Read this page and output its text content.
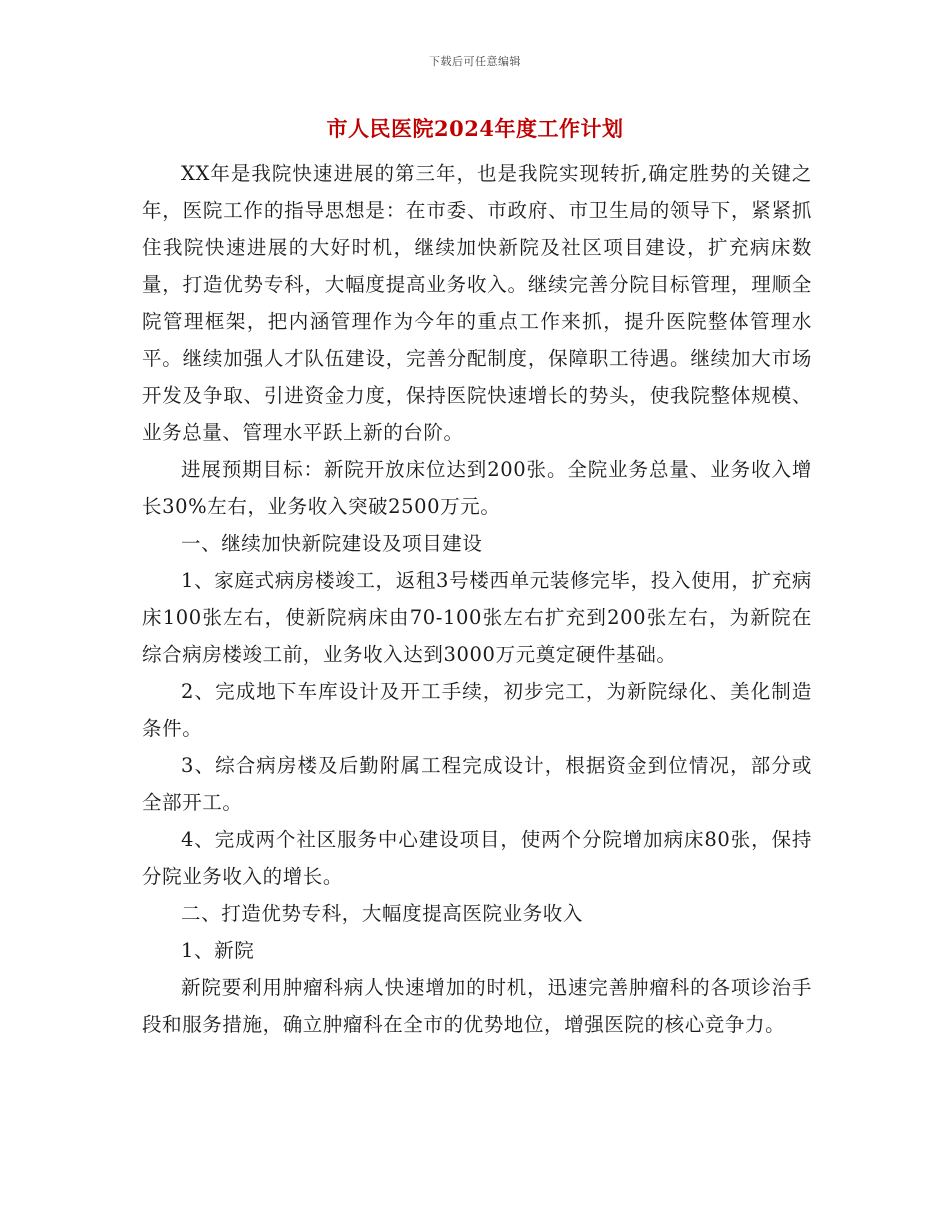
下载后可任意编辑
市人民医院2024年度工作计划

XX年是我院快速进展的第三年，也是我院实现转折,确定胜势的关键之年，医院工作的指导思想是：在市委、市政府、市卫生局的领导下，紧紧抓住我院快速进展的大好时机，继续加快新院及社区项目建设，扩充病床数量，打造优势专科，大幅度提高业务收入。继续完善分院目标管理，理顺全院管理框架，把内涵管理作为今年的重点工作来抓，提升医院整体管理水平。继续加强人才队伍建设，完善分配制度，保障职工待遇。继续加大市场开发及争取、引进资金力度，保持医院快速增长的势头，使我院整体规模、业务总量、管理水平跃上新的台阶。

进展预期目标：新院开放床位达到200张。全院业务总量、业务收入增长30%左右，业务收入突破2500万元。

一、继续加快新院建设及项目建设

1、家庭式病房楼竣工，返租3号楼西单元装修完毕，投入使用，扩充病床100张左右，使新院病床由70-100张左右扩充到200张左右，为新院在综合病房楼竣工前，业务收入达到3000万元奠定硬件基础。

2、完成地下车库设计及开工手续，初步完工，为新院绿化、美化制造条件。

3、综合病房楼及后勤附属工程完成设计，根据资金到位情况，部分或全部开工。

4、完成两个社区服务中心建设项目，使两个分院增加病床80张，保持分院业务收入的增长。

二、打造优势专科，大幅度提高医院业务收入

1、新院

新院要利用肿瘤科病人快速增加的时机，迅速完善肿瘤科的各项诊治手段和服务措施，确立肿瘤科在全市的优势地位，增强医院的核心竞争力。
